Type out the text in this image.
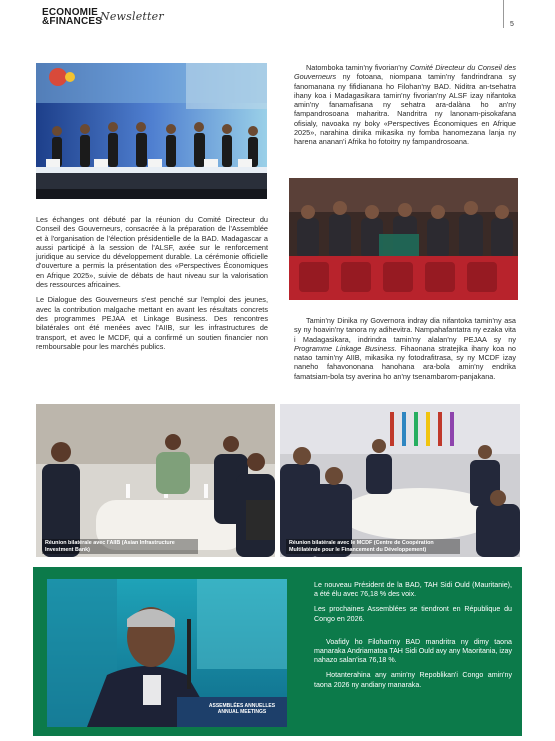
ECONOMIE
&FINANCES
Newsletter
5

Natomboka tamin'ny fivorian'ny Comité Directeur du Conseil des Gouverneurs ny fotoana, niompana tamin'ny fandrindrana sy fanomanana ny fifidianana ho Filohan'ny BAD. Niditra an-tsehatra ihany koa i Madagasikara tamin'ny fivorian'ny ALSF izay nifantoka amin'ny fanamafisana ny sehatra ara-dalàna ho an'ny fampandrosoana maharitra. Nandritra ny lanonam-pisokafana ofisialy, navoaka ny boky «Perspectives Économiques en Afrique 2025», narahina dinika mikasika ny fomba hanomezana lanja ny harena ananan'i Afrika ho fotoitry ny fampandrosoana.

Les échanges ont débuté par la réunion du Comité Directeur du Conseil des Gouverneurs, consacrée à la préparation de l'Assemblée et à l'organisation de l'élection présidentielle de la BAD. Madagascar a aussi participé à la session de l'ALSF, axée sur le renforcement juridique au service du développement durable. La cérémonie officielle d'ouverture a permis la présentation des «Perspectives Économiques en Afrique 2025», suivie de débats de haut niveau sur la valorisation des ressources africaines.

Le Dialogue des Gouverneurs s'est penché sur l'emploi des jeunes, avec la contribution malgache mettant en avant les résultats concrets des programmes PEJAA et Linkage Business. Des rencontres bilatérales ont été menées avec l'AIIB, sur les infrastructures de transport, et avec le MCDF, qui a confirmé un soutien financier non remboursable pour les marchés publics.

Tamin'ny Dinika ny Governora indray dia nifantoka tamin'ny asa sy ny hoavin'ny tanora ny adihevitra. Nampahafantatra ny ezaka vita i Madagasikara, indrindra tamin'ny alalan'ny PEJAA sy ny Programme Linkage Business. Fihaonana stratejika ihany koa no natao tamin'ny AIIB, mikasika ny fotodrafitrasa, sy ny MCDF izay naneho fahavononana hanohana ara-bola amin'ny endrika famatsiam-bola tsy averina ho an'ny tsenambarom-panjakana.

Réunion bilatérale avec l'AIIB (Asian Infrastructure Investment Bank)
Réunion bilatérale avec le MCDF (Centre de Coopération Multilatérale pour le Financement du Développement)
ASSEMBLÉES ANNUELLES
ANNUAL MEETINGS

Le nouveau Président de la BAD, TAH Sidi Ould (Mauritanie), a été élu avec 76,18 % des voix.

Les prochaines Assemblées se tiendront en République du Congo en 2026.

Voafidy ho Filohan'ny BAD mandritra ny dimy taona manaraka Andriamatoa TAH Sidi Ould avy any Maoritania, izay nahazo salan'isa 76,18 %.

Hotanterahina any amin'ny Repoblikan'i Congo amin'ny taona 2026 ny andiany manaraka.
